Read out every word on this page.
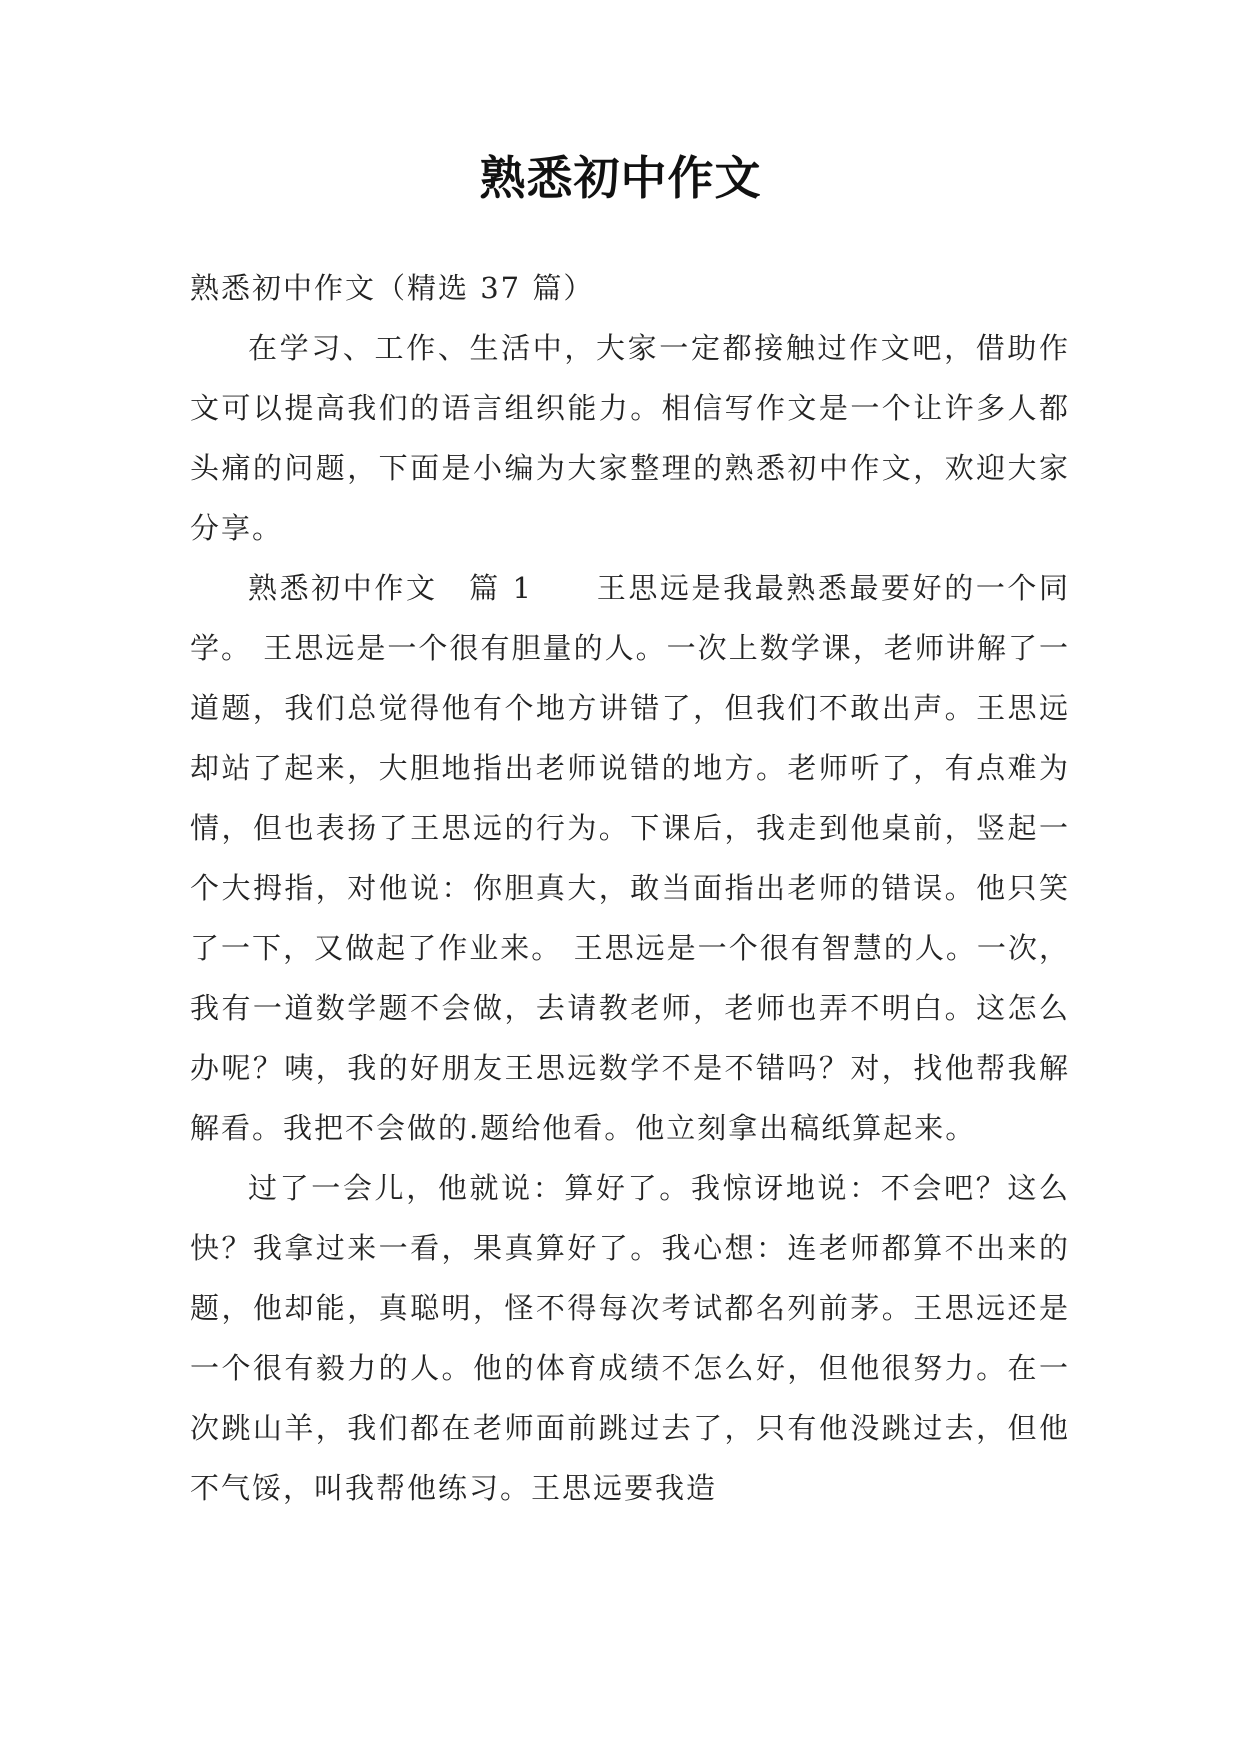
熟悉初中作文

熟悉初中作文（精选 37 篇）

在学习、工作、生活中，大家一定都接触过作文吧，借助作文可以提高我们的语言组织能力。相信写作文是一个让许多人都头痛的问题，下面是小编为大家整理的熟悉初中作文，欢迎大家分享。

熟悉初中作文　篇 1　　王思远是我最熟悉最要好的一个同学。 王思远是一个很有胆量的人。一次上数学课，老师讲解了一道题，我们总觉得他有个地方讲错了，但我们不敢出声。王思远却站了起来，大胆地指出老师说错的地方。老师听了，有点难为情，但也表扬了王思远的行为。下课后，我走到他桌前，竖起一个大拇指，对他说：你胆真大，敢当面指出老师的错误。他只笑了一下，又做起了作业来。 王思远是一个很有智慧的人。一次，我有一道数学题不会做，去请教老师，老师也弄不明白。这怎么办呢？咦，我的好朋友王思远数学不是不错吗？对，找他帮我解解看。我把不会做的.题给他看。他立刻拿出稿纸算起来。

过了一会儿，他就说：算好了。我惊讶地说：不会吧？这么快？我拿过来一看，果真算好了。我心想：连老师都算不出来的题，他却能，真聪明，怪不得每次考试都名列前茅。王思远还是一个很有毅力的人。他的体育成绩不怎么好，但他很努力。在一次跳山羊，我们都在老师面前跳过去了，只有他没跳过去，但他不气馁，叫我帮他练习。王思远要我造
